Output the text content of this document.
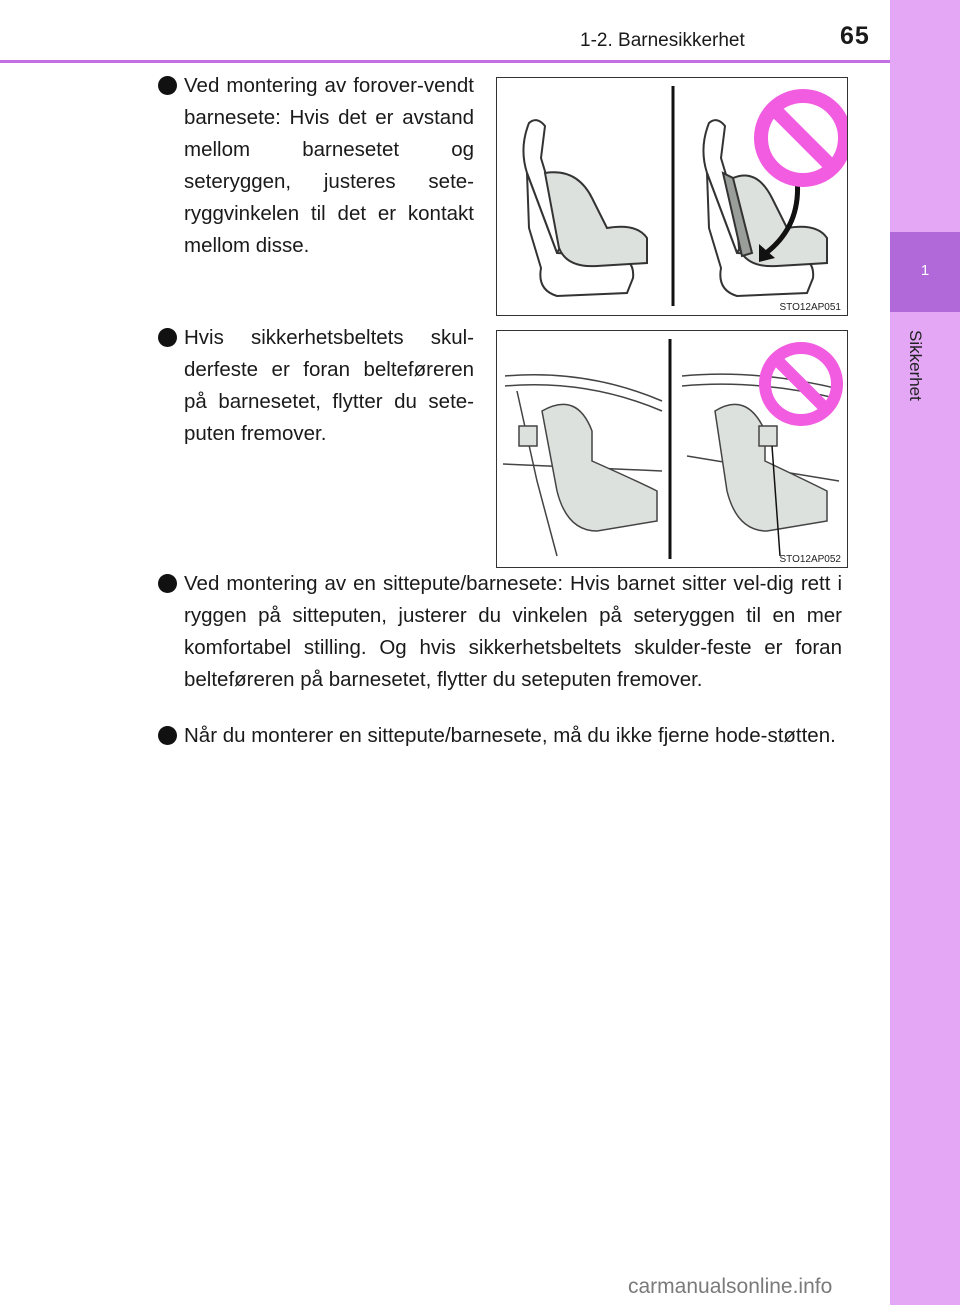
1-2. Barnesikkerhet	65
1
Sikkerhet
Ved montering av forover-vendt barnesete: Hvis det er avstand mellom barnesetet og seteryggen, justeres sete-ryggvinkelen til det er kontakt mellom disse.
STO12AP051
Hvis sikkerhetsbeltets skul-derfeste er foran belteføreren på barnesetet, flytter du sete-puten fremover.
STO12AP052
Ved montering av en sittepute/barnesete: Hvis barnet sitter vel-dig rett i ryggen på sitteputen, justerer du vinkelen på seteryggen til en mer komfortabel stilling. Og hvis sikkerhetsbeltets skulder-feste er foran belteføreren på barnesetet, flytter du seteputen fremover.
Når du monterer en sittepute/barnesete, må du ikke fjerne hode-støtten.
carmanualsonline.info
